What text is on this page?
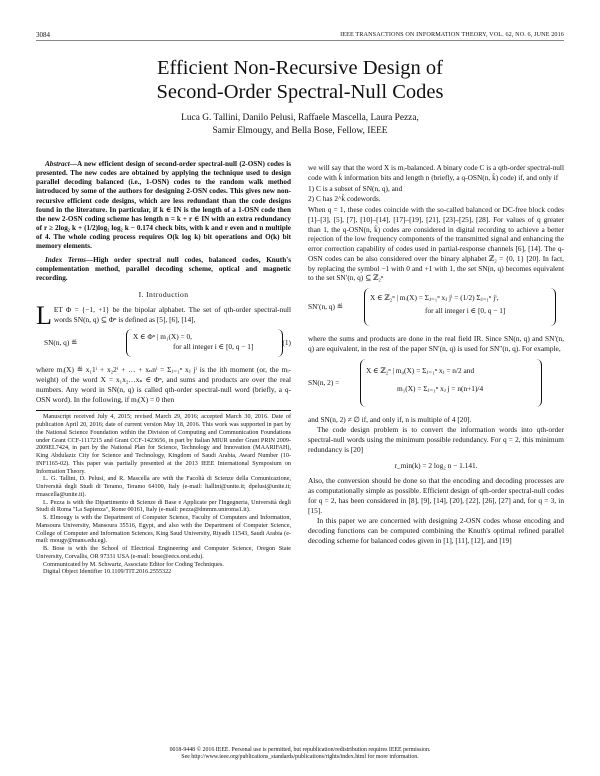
3084	IEEE TRANSACTIONS ON INFORMATION THEORY, VOL. 62, NO. 6, JUNE 2016
Efficient Non-Recursive Design of
Second-Order Spectral-Null Codes
Luca G. Tallini, Danilo Pelusi, Raffaele Mascella, Laura Pezza,
Samir Elmougy, and Bella Bose, Fellow, IEEE

Abstract—A new efficient design of second-order spectral-null (2-OSN) codes is presented. The new codes are obtained by applying the technique used to design parallel decoding balanced (i.e., 1-OSN) codes to the random walk method introduced by some of the authors for designing 2-OSN codes. This gives new non-recursive efficient code designs, which are less redundant than the code designs found in the literature. In particular, if k ∈ IN is the length of a 1-OSN code then the new 2-OSN coding scheme has length n = k + r ∈ IN with an extra redundancy of r ≥ 2log₂ k + (1/2)log₂ log₂ k − 0.174 check bits, with k and r even and n multiple of 4. The whole coding process requires O(k log k) bit operations and O(k) bit memory elements.

Index Terms—High order spectral null codes, balanced codes, Knuth's complementation method, parallel decoding scheme, optical and magnetic recording.

I. Introduction

LET Φ = {−1, +1} be the bipolar alphabet. The set of qth-order spectral-null words SN(n, q) ⊆ Φⁿ is defined as [5], [6], [14],

SN(n, q) ≝
X ∈ Φⁿ | m₁(X) = 0,
for all integer i ∈ [0, q − 1]	(1)

where mᵢ(X) ≝ x₁1ⁱ + x₂2ⁱ + … + xₙnⁱ = Σⱼ₌₁ⁿ xⱼ jⁱ is the ith moment (or, the mᵢ-weight) of the word X = x₁x₂…xₙ ∈ Φⁿ, and sums and products are over the real numbers. Any word in SN(n, q) is called qth-order spectral-null word (briefly, a q-OSN word). In the following, if mᵢ(X) = 0 then

Manuscript received July 4, 2015; revised March 29, 2016; accepted March 30, 2016. Date of publication April 20, 2016; date of current version May 18, 2016. This work was supported in part by the National Science Foundation within the Division of Computing and Communication Foundations under Grant CCF-1117215 and Grant CCF-1423656, in part by Italian MIUR under Grant PRIN 2009-2009EL7424, in part by the National Plan for Science, Technology and Innovation (MAARIFAH), King Abdulaziz City for Science and Technology, Kingdom of Saudi Arabia, Award Number (10-INF1165-02). This paper was partially presented at the 2013 IEEE International Symposium on Information Theory.

L. G. Tallini, D. Pelusi, and R. Mascella are with the Facoltà di Scienze della Comunicazione, Università degli Studi di Teramo, Teramo 64100, Italy (e-mail: ltallini@unite.it; dpelusi@unite.it; rmascella@unite.it).

L. Pezza is with the Dipartimento di Scienze di Base e Applicate per l'Ingegneria, Università degli Studi di Roma "La Sapienza", Rome 00161, Italy (e-mail: pezza@dmmm.uniroma1.it).

S. Elmougy is with the Department of Computer Science, Faculty of Computers and Information, Mansoura University, Mansoura 35516, Egypt, and also with the Department of Computer Science, College of Computer and Information Sciences, King Saud University, Riyadh 11543, Saudi Arabia (e-mail: mougy@mans.edu.eg).

B. Bose is with the School of Electrical Engineering and Computer Science, Oregon State University, Corvallis, OR 97331 USA (e-mail: bose@eecs.orst.edu).

Communicated by M. Schwartz, Associate Editor for Coding Techniques.

Digital Object Identifier 10.1109/TIT.2016.2555322

we will say that the word X is mᵢ-balanced. A binary code C is a qth-order spectral-null code with k̂ information bits and length n (briefly, a q-OSN(n, k̂) code) if, and only if

1) C is a subset of SN(n, q), and

2) C has 2^k̂ codewords.

When q = 1, these codes coincide with the so-called balanced or DC-free block codes [1]–[3], [5], [7], [10]–[14], [17]–[19], [21], [23]–[25], [28]. For values of q greater than 1, the q-OSN(n, k̂) codes are considered in digital recording to achieve a better rejection of the low frequency components of the transmitted signal and enhancing the error correction capability of codes used in partial-response channels [6], [14]. The q-OSN codes can be also considered over the binary alphabet ℤ₂ = {0, 1} [20]. In fact, by replacing the symbol −1 with 0 and +1 with 1, the set SN(n, q) becomes equivalent to the set SN′(n, q) ⊆ ℤ₂ⁿ

SN′(n, q) ≝
X ∈ ℤ₂ⁿ | mᵢ(X) = Σⱼ₌₁ⁿ xⱼ jⁱ = (1/2) Σⱼ₌₁ⁿ jⁱ,
for all integer i ∈ [0, q − 1]

where the sums and products are done in the real field IR. Since SN(n, q) and SN′(n, q) are equivalent, in the rest of the paper SN′(n, q) is used for SN″(n, q). For example,

SN(n, 2) =
X ∈ ℤ₂ⁿ | m₀(X) = Σⱼ₌₁ⁿ xⱼ = n/2 and
m₁(X) = Σⱼ₌₁ⁿ xⱼ j = n(n+1)/4

and SN(n, 2) ≠ ∅ if, and only if, n is multiple of 4 [20].

The code design problem is to convert the information words into qth-order spectral-null words using the minimum possible redundancy. For q = 2, this minimum redundancy is [20]

r_min(k) = 2 log₂ n − 1.141.

Also, the conversion should be done so that the encoding and decoding processes are as computationally simple as possible. Efficient design of qth-order spectral-null codes for q = 2, has been considered in [8], [9], [14], [20], [22], [26], [27] and, for q = 3, in [15].

In this paper we are concerned with designing 2-OSN codes whose encoding and decoding functions can be computed combining the Knuth's optimal refined parallel decoding scheme for balanced codes given in [1], [11], [12], and [19]

0018-9448 © 2016 IEEE. Personal use is permitted, but republication/redistribution requires IEEE permission.
See http://www.ieee.org/publications_standards/publications/rights/index.html for more information.
